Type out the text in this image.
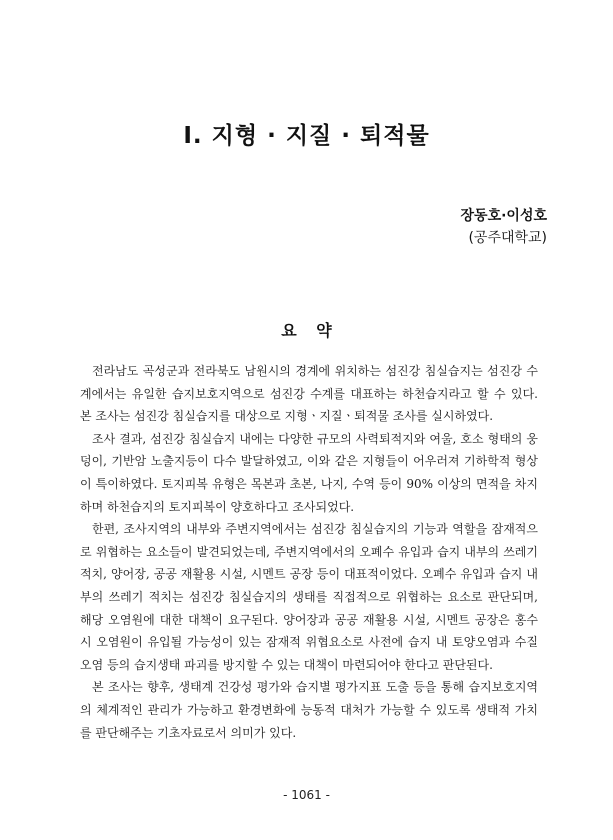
Ⅰ. 지형 · 지질 · 퇴적물
장동호·이성호
(공주대학교)
요 약

전라남도 곡성군과 전라북도 남원시의 경계에 위치하는 섬진강 침실습지는 섬진강 수계에서는 유일한 습지보호지역으로 섬진강 수계를 대표하는 하천습지라고 할 수 있다. 본 조사는 섬진강 침실습지를 대상으로 지형ㆍ지질ㆍ퇴적물 조사를 실시하였다.

조사 결과, 섬진강 침실습지 내에는 다양한 규모의 사력퇴적지와 여울, 호소 형태의 웅덩이, 기반암 노출지등이 다수 발달하였고, 이와 같은 지형들이 어우러져 기하학적 형상이 특이하였다. 토지피복 유형은 목본과 초본, 나지, 수역 등이 90% 이상의 면적을 차지하며 하천습지의 토지피복이 양호하다고 조사되었다.

한편, 조사지역의 내부와 주변지역에서는 섬진강 침실습지의 기능과 역할을 잠재적으로 위협하는 요소들이 발견되었는데, 주변지역에서의 오폐수 유입과 습지 내부의 쓰레기 적치, 양어장, 공공 재활용 시설, 시멘트 공장 등이 대표적이었다. 오폐수 유입과 습지 내부의 쓰레기 적치는 섬진강 침실습지의 생태를 직접적으로 위협하는 요소로 판단되며, 해당 오염원에 대한 대책이 요구된다. 양어장과 공공 재활용 시설, 시멘트 공장은 홍수 시 오염원이 유입될 가능성이 있는 잠재적 위협요소로 사전에 습지 내 토양오염과 수질오염 등의 습지생태 파괴를 방지할 수 있는 대책이 마련되어야 한다고 판단된다.

본 조사는 향후, 생태계 건강성 평가와 습지별 평가지표 도출 등을 통해 습지보호지역의 체계적인 관리가 가능하고 환경변화에 능동적 대처가 가능할 수 있도록 생태적 가치를 판단해주는 기초자료로서 의미가 있다.

- 1061 -
